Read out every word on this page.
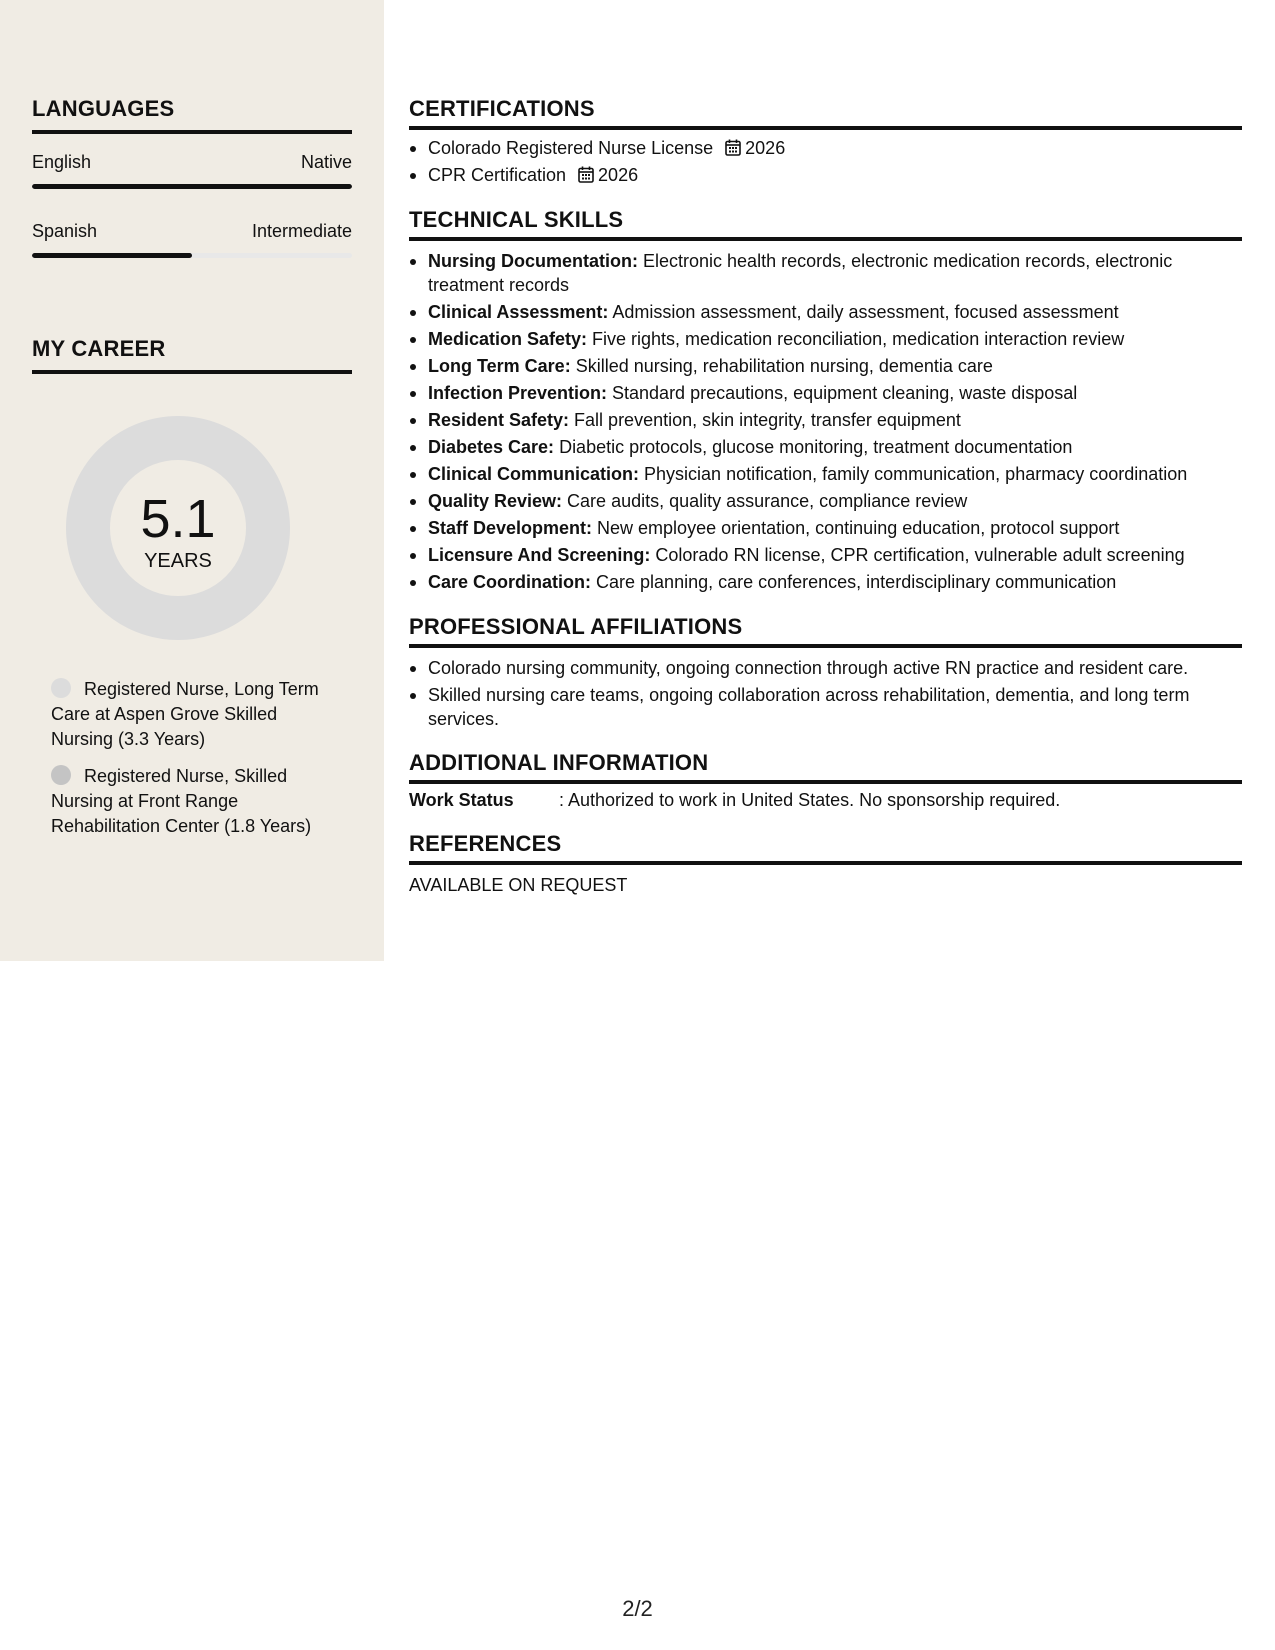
LANGUAGES
English	Native
Spanish	Intermediate
MY CAREER
5.1
YEARS
Registered Nurse, Long Term Care at Aspen Grove Skilled Nursing (3.3 Years)
Registered Nurse, Skilled Nursing at Front Range Rehabilitation Center (1.8 Years)
CERTIFICATIONS
Colorado Registered Nurse License 2026
CPR Certification 2026
TECHNICAL SKILLS
Nursing Documentation: Electronic health records, electronic medication records, electronic treatment records
Clinical Assessment: Admission assessment, daily assessment, focused assessment
Medication Safety: Five rights, medication reconciliation, medication interaction review
Long Term Care: Skilled nursing, rehabilitation nursing, dementia care
Infection Prevention: Standard precautions, equipment cleaning, waste disposal
Resident Safety: Fall prevention, skin integrity, transfer equipment
Diabetes Care: Diabetic protocols, glucose monitoring, treatment documentation
Clinical Communication: Physician notification, family communication, pharmacy coordination
Quality Review: Care audits, quality assurance, compliance review
Staff Development: New employee orientation, continuing education, protocol support
Licensure And Screening: Colorado RN license, CPR certification, vulnerable adult screening
Care Coordination: Care planning, care conferences, interdisciplinary communication
PROFESSIONAL AFFILIATIONS
Colorado nursing community, ongoing connection through active RN practice and resident care.
Skilled nursing care teams, ongoing collaboration across rehabilitation, dementia, and long term services.
ADDITIONAL INFORMATION
Work Status	: Authorized to work in United States. No sponsorship required.
REFERENCES
AVAILABLE ON REQUEST
2/2
